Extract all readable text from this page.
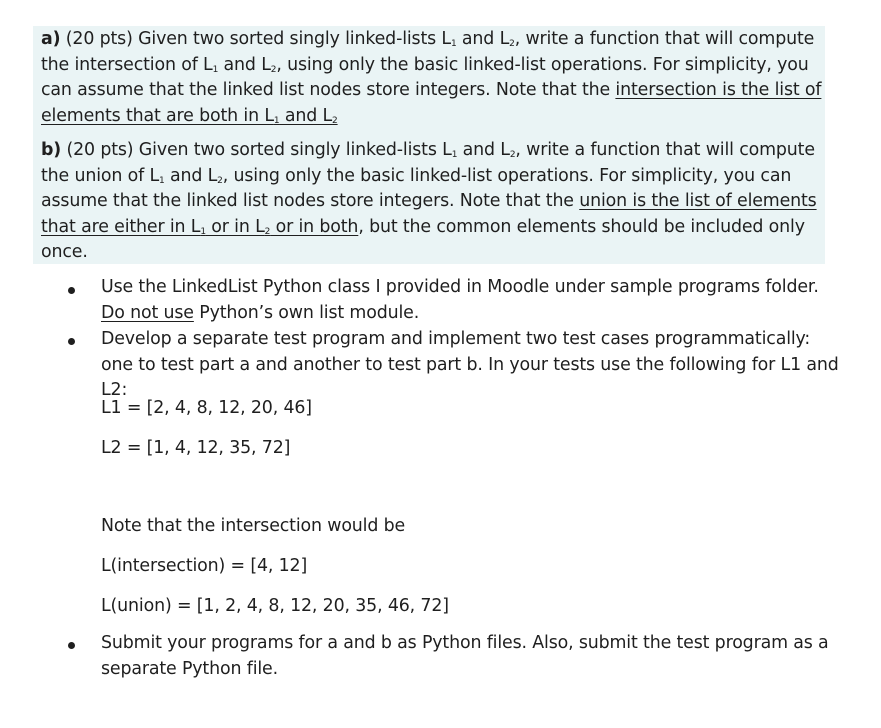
a) (20 pts) Given two sorted singly linked-lists $L_1$ and $L_2$, write a function that will compute the intersection of $L_1$ and $L_2$, using only the basic linked-list operations. For simplicity, you can assume that the linked list nodes store integers. Note that the intersection is the list of elements that are both in $L_1$ and $L_2$

b) (20 pts) Given two sorted singly linked-lists $L_1$ and $L_2$, write a function that will compute the union of $L_1$ and $L_2$, using only the basic linked-list operations. For simplicity, you can assume that the linked list nodes store integers. Note that the union is the list of elements that are either in $L_1$ or in $L_2$ or in both, but the common elements should be included only once.

Use the LinkedList Python class I provided in Moodle under sample programs folder. Do not use Python’s own list module.
Develop a separate test program and implement two test cases programmatically: one to test part a and another to test part b. In your tests use the following for L1 and L2:
L1 = [2, 4, 8, 12, 20, 46]
L2 = [1, 4, 12, 35, 72]
Note that the intersection would be
L(intersection) = [4, 12]
L(union) = [1, 2, 4, 8, 12, 20, 35, 46, 72]
Submit your programs for a and b as Python files. Also, submit the test program as a separate Python file.
